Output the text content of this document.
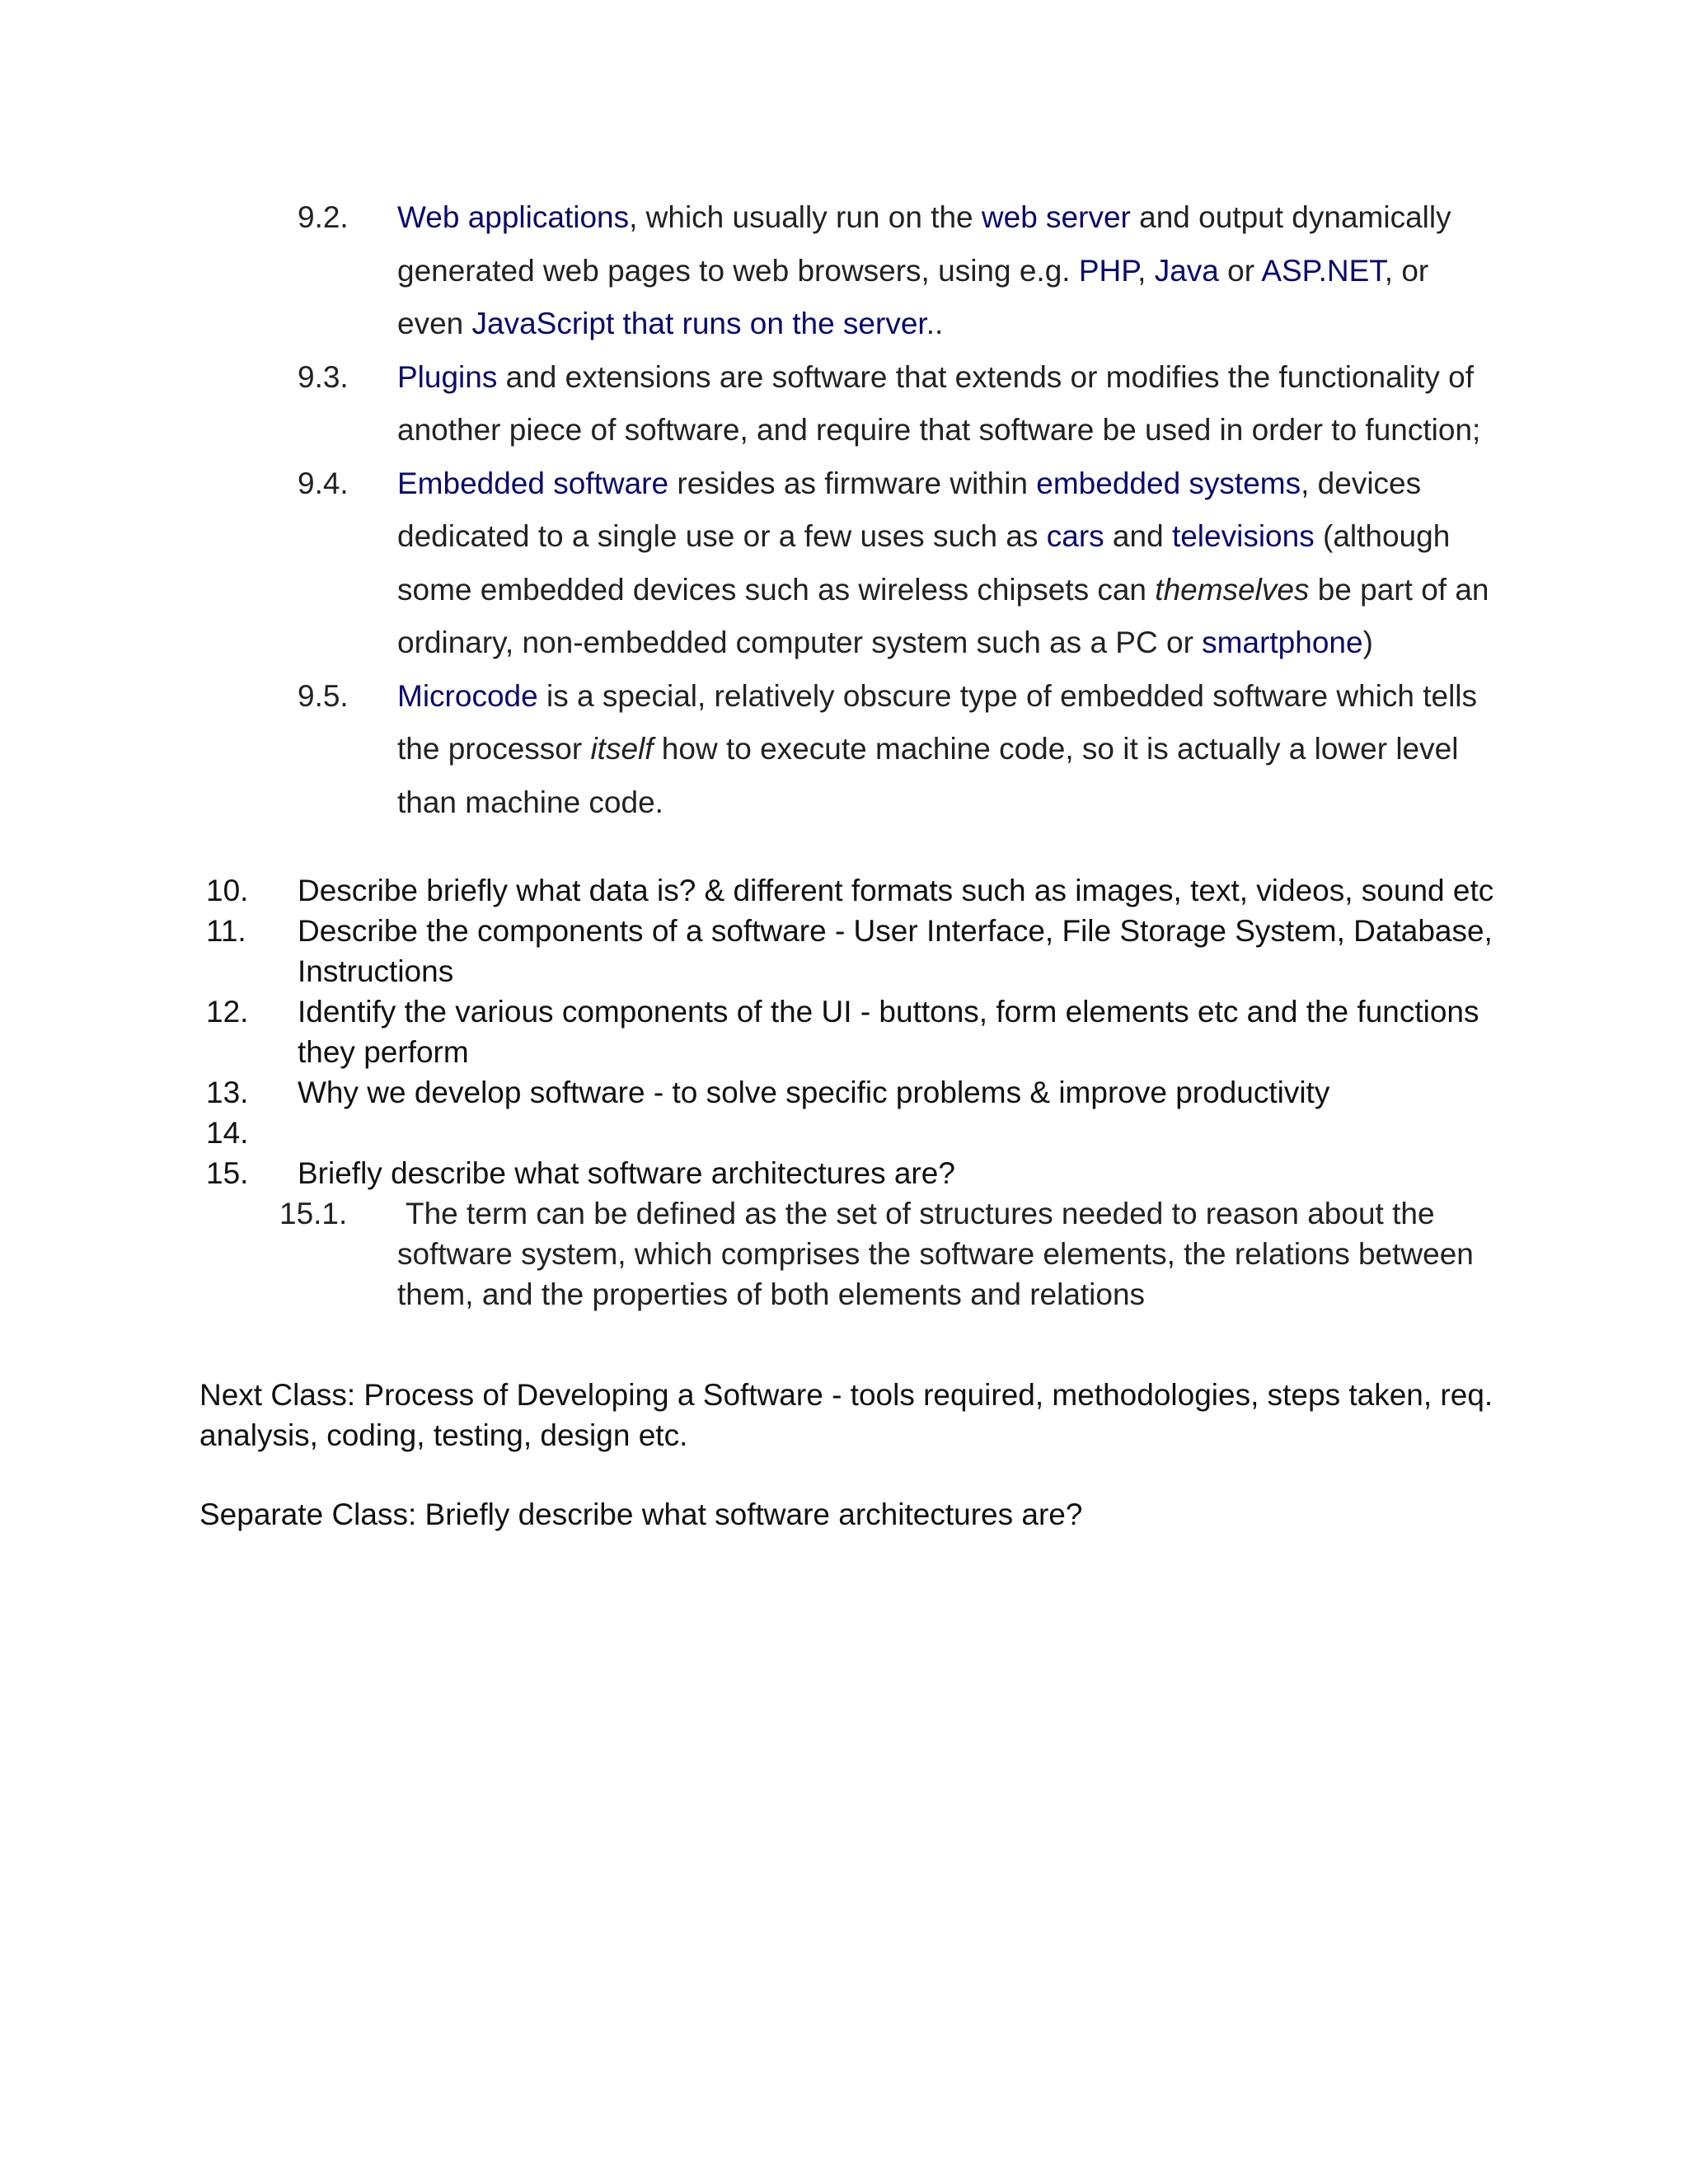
9.2.	Web applications, which usually run on the web server and output dynamically generated web pages to web browsers, using e.g. PHP, Java or ASP.NET, or even JavaScript that runs on the server..
9.3.	Plugins and extensions are software that extends or modifies the functionality of another piece of software, and require that software be used in order to function;
9.4.	Embedded software resides as firmware within embedded systems, devices dedicated to a single use or a few uses such as cars and televisions (although some embedded devices such as wireless chipsets can themselves be part of an ordinary, non-embedded computer system such as a PC or smartphone)
9.5.	Microcode is a special, relatively obscure type of embedded software which tells the processor itself how to execute machine code, so it is actually a lower level than machine code.
10.	Describe briefly what data is? & different formats such as images, text, videos, sound etc
11.	Describe the components of a software - User Interface, File Storage System, Database, Instructions
12.	Identify the various components of the UI - buttons, form elements etc and the functions they perform
13.	Why we develop software - to solve specific problems & improve productivity
14.
15.	Briefly describe what software architectures are?
15.1.	The term can be defined as the set of structures needed to reason about the software system, which comprises the software elements, the relations between them, and the properties of both elements and relations
Next Class: Process of Developing a Software - tools required, methodologies, steps taken, req. analysis, coding, testing, design etc.
Separate Class: Briefly describe what software architectures are?
